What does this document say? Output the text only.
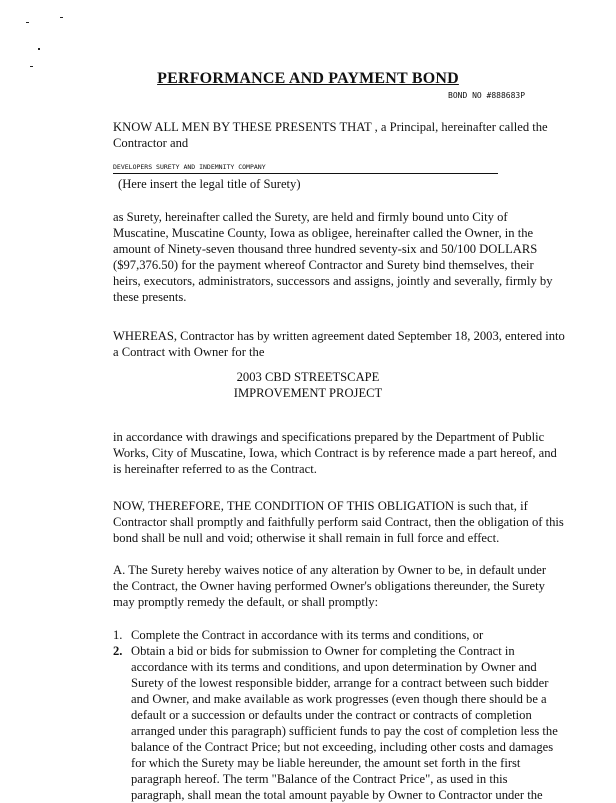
PERFORMANCE AND PAYMENT BOND
BOND NO #888683P
KNOW ALL MEN BY THESE PRESENTS THAT , a Principal, hereinafter called the
Contractor and
DEVELOPERS SURETY AND INDEMNITY COMPANY
(Here insert the legal title of Surety)
as Surety, hereinafter called the Surety, are held and firmly bound unto City of
Muscatine, Muscatine County, Iowa as obligee, hereinafter called the Owner, in the
amount of Ninety-seven thousand three hundred seventy-six and 50/100 DOLLARS
($97,376.50) for the payment whereof Contractor and Surety bind themselves, their
heirs, executors, administrators, successors and assigns, jointly and severally, firmly by
these presents.
WHEREAS, Contractor has by written agreement dated September 18, 2003, entered into
a Contract with Owner for the
2003 CBD STREETSCAPE
IMPROVEMENT PROJECT
in accordance with drawings and specifications prepared by the Department of Public
Works, City of Muscatine, Iowa, which Contract is by reference made a part hereof, and
is hereinafter referred to as the Contract.
NOW, THEREFORE, THE CONDITION OF THIS OBLIGATION is such that, if
Contractor shall promptly and faithfully perform said Contract, then the obligation of this
bond shall be null and void; otherwise it shall remain in full force and effect.
A. The Surety hereby waives notice of any alteration by Owner to be, in default under
the Contract, the Owner having performed Owner's obligations thereunder, the Surety
may promptly remedy the default, or shall promptly:
1. Complete the Contract in accordance with its terms and conditions, or
2. Obtain a bid or bids for submission to Owner for completing the Contract in
accordance with its terms and conditions, and upon determination by Owner and
Surety of the lowest responsible bidder, arrange for a contract between such bidder
and Owner, and make available as work progresses (even though there should be a
default or a succession or defaults under the contract or contracts of completion
arranged under this paragraph) sufficient funds to pay the cost of completion less the
balance of the Contract Price; but not exceeding, including other costs and damages
for which the Surety may be liable hereunder, the amount set forth in the first
paragraph hereof. The term "Balance of the Contract Price", as used in this
paragraph, shall mean the total amount payable by Owner to Contractor under the
